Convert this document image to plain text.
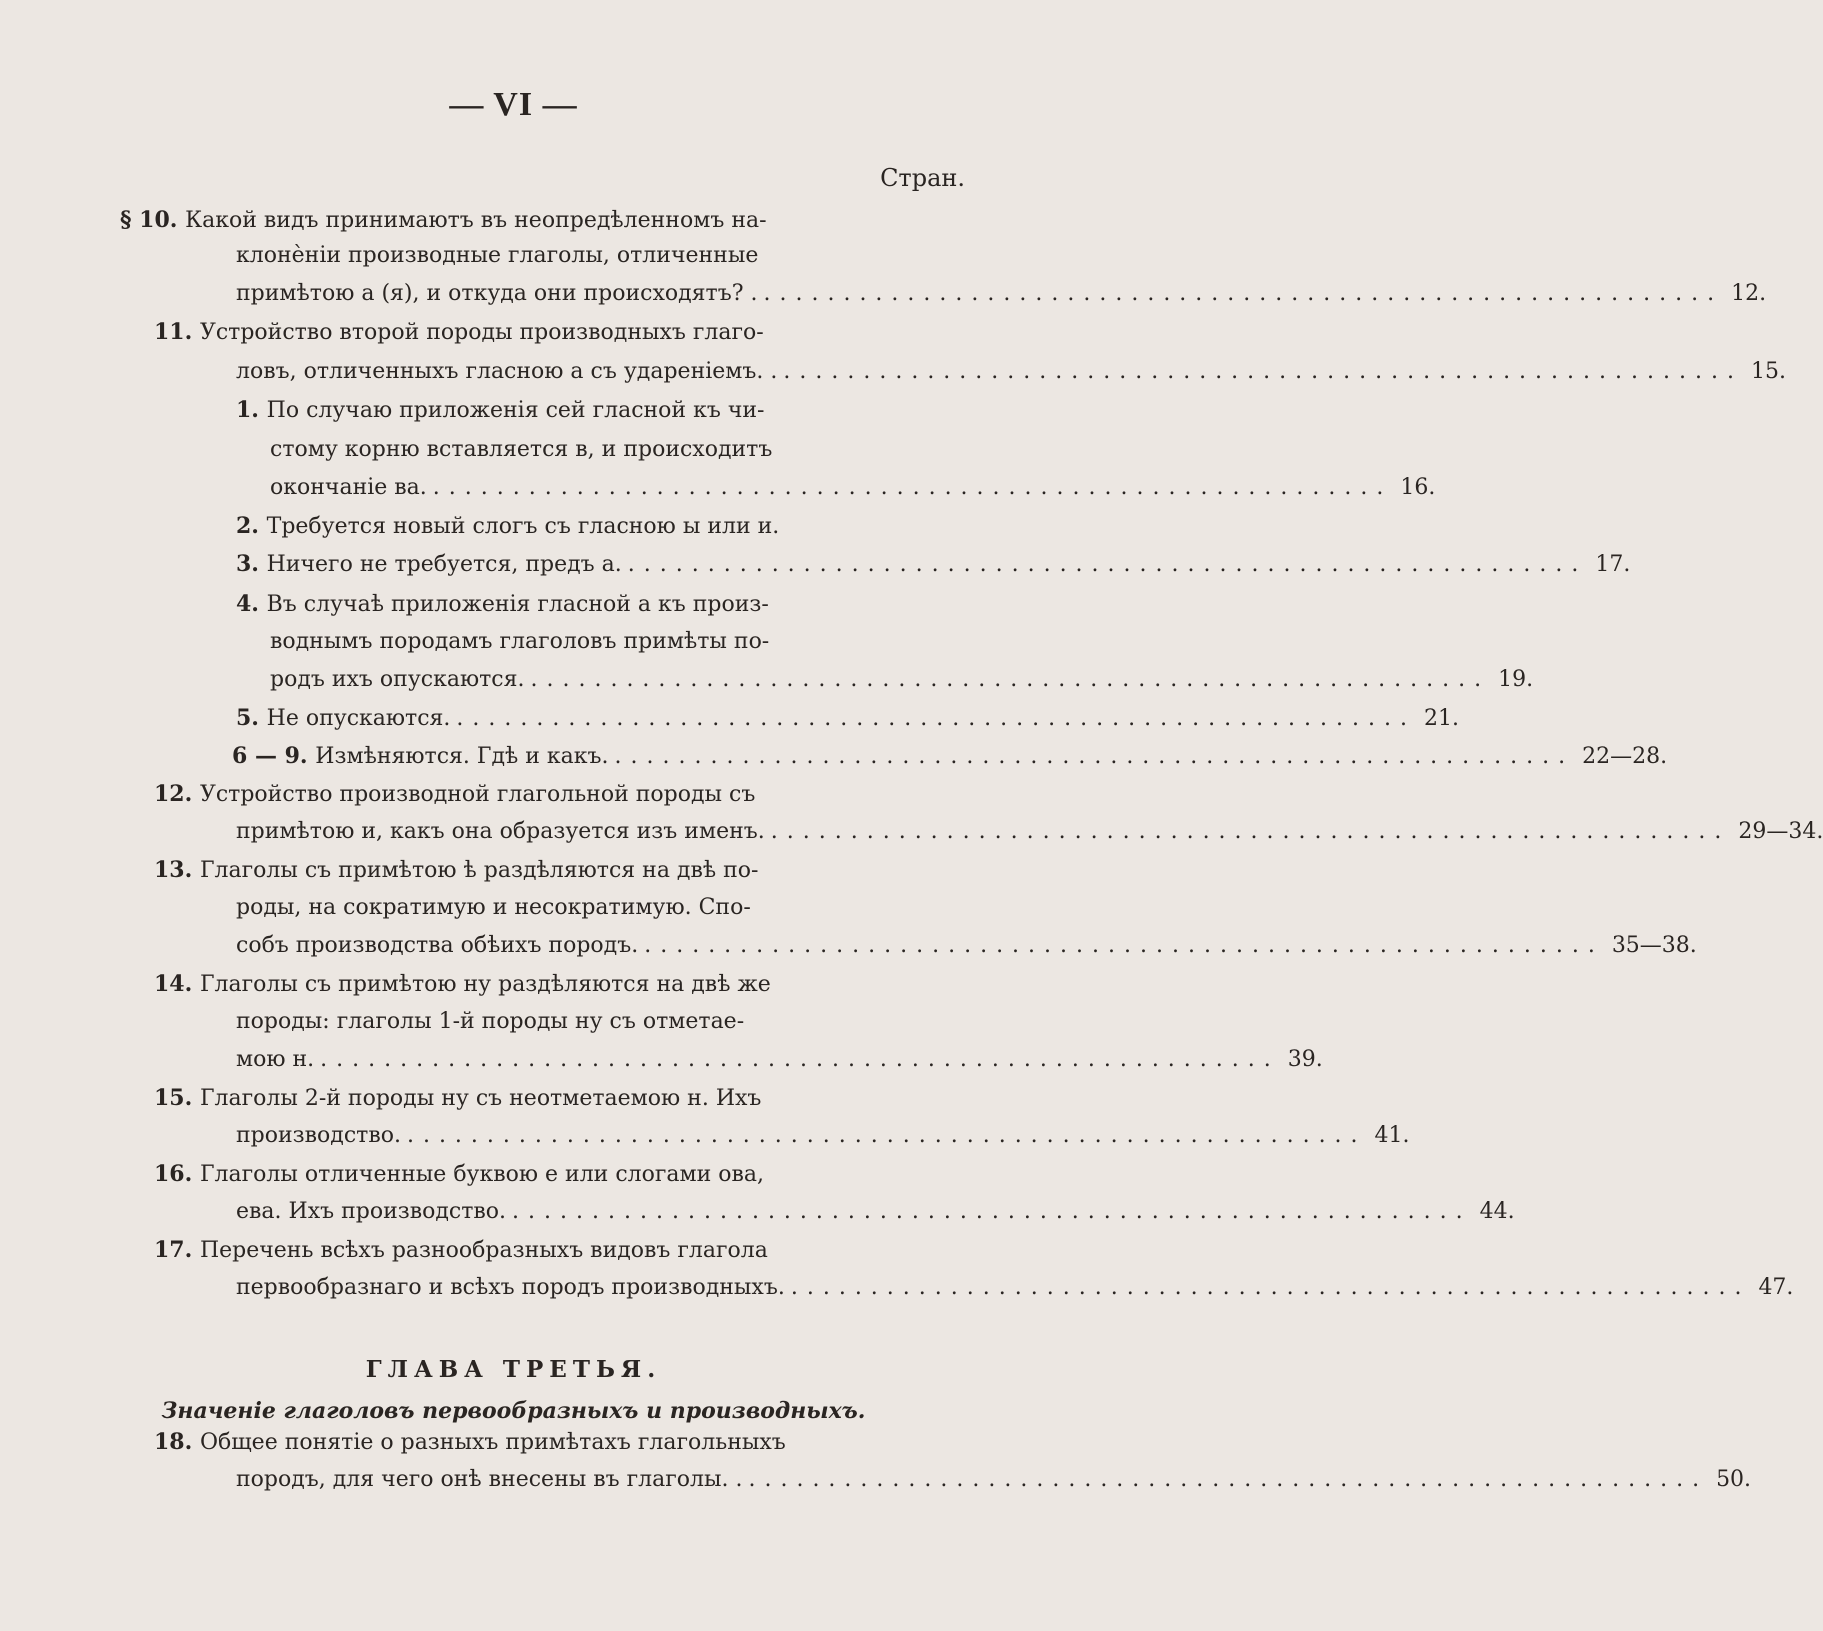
— VI —
Стран.
§ 10. Какой видъ принимаютъ въ неопредѣленномъ на-
клонѐніи производные глаголы, отличенные
примѣтою а (я), и откуда они происходятъ? . ............................................................ 12.
11. Устройство второй породы производныхъ глаго-
ловъ, отличенныхъ гласною а съ удареніемъ. . ............................................................ 15.
1. По случаю приложенія сей гласной къ чи-
стому корню вставляется в, и происходитъ
окончаніе ва. ............................................................ 16.
2. Требуется новый слогъ съ гласною ы или и.
3. Ничего не требуется, предъ а. ............................................................ 17.
4. Въ случаѣ приложенія гласной а къ произ-
воднымъ породамъ глаголовъ примѣты по-
родъ ихъ опускаются. ............................................................ 19.
5. Не опускаются. ............................................................ 21.
6 — 9. Измѣняются. Гдѣ и какъ. ............................................................ 22—28.
12. Устройство производной глагольной породы съ
примѣтою и, какъ она образуется изъ именъ. ............................................................ 29—34.
13. Глаголы съ примѣтою ѣ раздѣляются на двѣ по-
роды, на сократимую и несократимую. Спо-
собъ производства обѣихъ породъ. ............................................................ 35—38.
14. Глаголы съ примѣтою ну раздѣляются на двѣ же
породы: глаголы 1-й породы ну съ отметае-
мою н. ............................................................ 39.
15. Глаголы 2-й породы ну съ неотметаемою н. Ихъ
производство. ............................................................ 41.
16. Глаголы отличенные буквою е или слогами ова,
ева. Ихъ производство. ............................................................ 44.
17. Перечень всѣхъ разнообразныхъ видовъ глагола
первообразнаго и всѣхъ породъ производныхъ. ............................................................ 47.
18. Общее понятіе о разныхъ примѣтахъ глагольныхъ
породъ, для чего онѣ внесены въ глаголы. . ............................................................ 50.
ГЛАВА ТРЕТЬЯ.
Значеніе глаголовъ первообразныхъ и производныхъ.
